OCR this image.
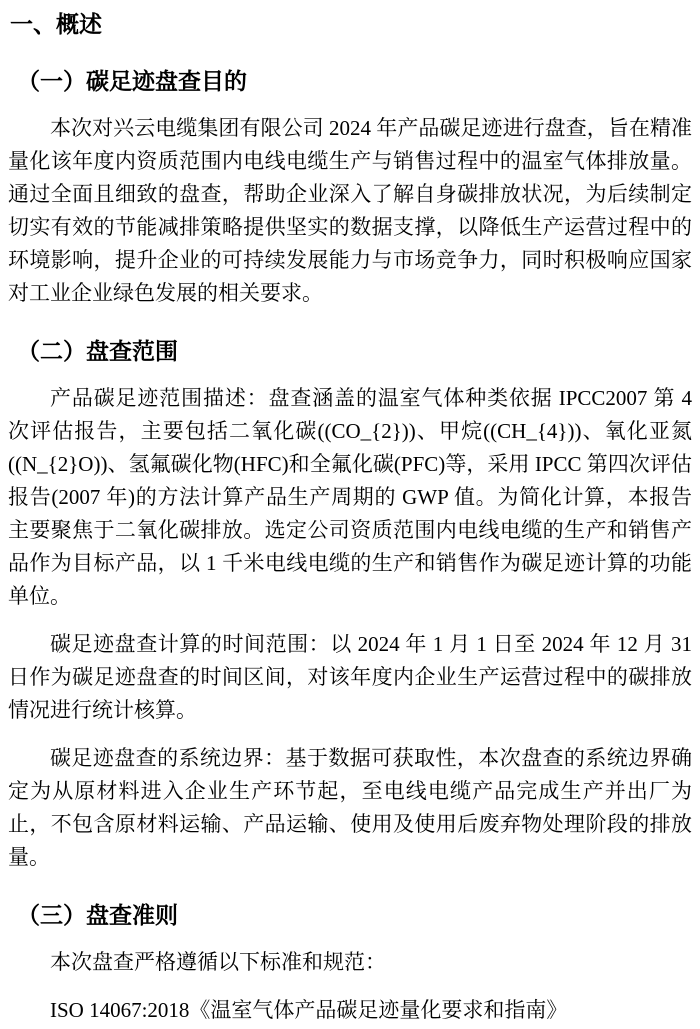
一、概述
（一）碳足迹盘查目的

本次对兴云电缆集团有限公司 2024 年产品碳足迹进行盘查，旨在精准量化该年度内资质范围内电线电缆生产与销售过程中的温室气体排放量。通过全面且细致的盘查，帮助企业深入了解自身碳排放状况，为后续制定切实有效的节能减排策略提供坚实的数据支撑，以降低生产运营过程中的环境影响，提升企业的可持续发展能力与市场竞争力，同时积极响应国家对工业企业绿色发展的相关要求。

（二）盘查范围

产品碳足迹范围描述：盘查涵盖的温室气体种类依据 IPCC2007 第 4 次评估报告，主要包括二氧化碳((CO_{2}))、甲烷((CH_{4}))、氧化亚氮((N_{2}O))、氢氟碳化物(HFC)和全氟化碳(PFC)等，采用 IPCC 第四次评估报告(2007 年)的方法计算产品生产周期的 GWP 值。为简化计算，本报告主要聚焦于二氧化碳排放。选定公司资质范围内电线电缆的生产和销售产品作为目标产品，以 1 千米电线电缆的生产和销售作为碳足迹计算的功能单位。

碳足迹盘查计算的时间范围：以 2024 年 1 月 1 日至 2024 年 12 月 31 日作为碳足迹盘查的时间区间，对该年度内企业生产运营过程中的碳排放情况进行统计核算。

碳足迹盘查的系统边界：基于数据可获取性，本次盘查的系统边界确定为从原材料进入企业生产环节起，至电线电缆产品完成生产并出厂为止，不包含原材料运输、产品运输、使用及使用后废弃物处理阶段的排放量。

（三）盘查准则

本次盘查严格遵循以下标准和规范：

ISO 14067:2018《温室气体产品碳足迹量化要求和指南》
